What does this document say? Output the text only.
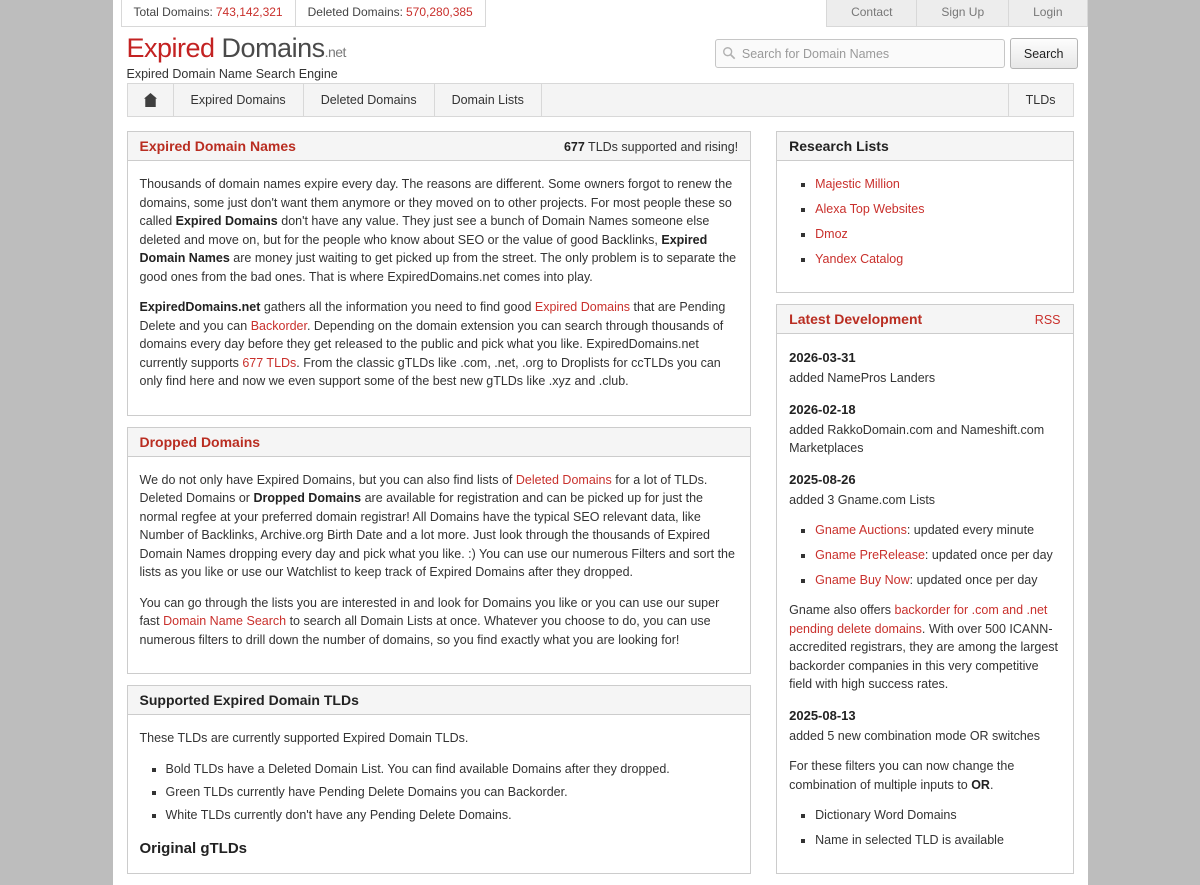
Total Domains: 743,142,321	Deleted Domains: 570,280,385	Contact	Sign Up	Login
Expired Domains.net
Expired Domain Name Search Engine
Search for Domain Names
Search
Expired Domains	Deleted Domains	Domain Lists	TLDs
Expired Domain Names	677 TLDs supported and rising!

Thousands of domain names expire every day. The reasons are different. Some owners forgot to renew the domains, some just don't want them anymore or they moved on to other projects. For most people these so called Expired Domains don't have any value. They just see a bunch of Domain Names someone else deleted and move on, but for the people who know about SEO or the value of good Backlinks, Expired Domain Names are money just waiting to get picked up from the street. The only problem is to separate the good ones from the bad ones. That is where ExpiredDomains.net comes into play.

ExpiredDomains.net gathers all the information you need to find good Expired Domains that are Pending Delete and you can Backorder. Depending on the domain extension you can search through thousands of domains every day before they get released to the public and pick what you like. ExpiredDomains.net currently supports 677 TLDs. From the classic gTLDs like .com, .net, .org to Droplists for ccTLDs you can only find here and now we even support some of the best new gTLDs like .xyz and .club.

Dropped Domains

We do not only have Expired Domains, but you can also find lists of Deleted Domains for a lot of TLDs. Deleted Domains or Dropped Domains are available for registration and can be picked up for just the normal regfee at your preferred domain registrar! All Domains have the typical SEO relevant data, like Number of Backlinks, Archive.org Birth Date and a lot more. Just look through the thousands of Expired Domain Names dropping every day and pick what you like. :) You can use our numerous Filters and sort the lists as you like or use our Watchlist to keep track of Expired Domains after they dropped.

You can go through the lists you are interested in and look for Domains you like or you can use our super fast Domain Name Search to search all Domain Lists at once. Whatever you choose to do, you can use numerous filters to drill down the number of domains, so you find exactly what you are looking for!

Supported Expired Domain TLDs

These TLDs are currently supported Expired Domain TLDs.

▪ Bold TLDs have a Deleted Domain List. You can find available Domains after they dropped.
▪ Green TLDs currently have Pending Delete Domains you can Backorder.
▪ White TLDs currently don't have any Pending Delete Domains.
Original gTLDs
Research Lists
▪ Majestic Million
▪ Alexa Top Websites
▪ Dmoz
▪ Yandex Catalog
Latest Development	RSS
2026-03-31

added NamePros Landers

2026-02-18

added RakkoDomain.com and Nameshift.com Marketplaces

2025-08-26

added 3 Gname.com Lists

▪ Gname Auctions: updated every minute
▪ Gname PreRelease: updated once per day
▪ Gname Buy Now: updated once per day

Gname also offers backorder for .com and .net pending delete domains. With over 500 ICANN-accredited registrars, they are among the largest backorder companies in this very competitive field with high success rates.

2025-08-13

added 5 new combination mode OR switches

For these filters you can now change the combination of multiple inputs to OR.

▪ Dictionary Word Domains
▪ Name in selected TLD is available
